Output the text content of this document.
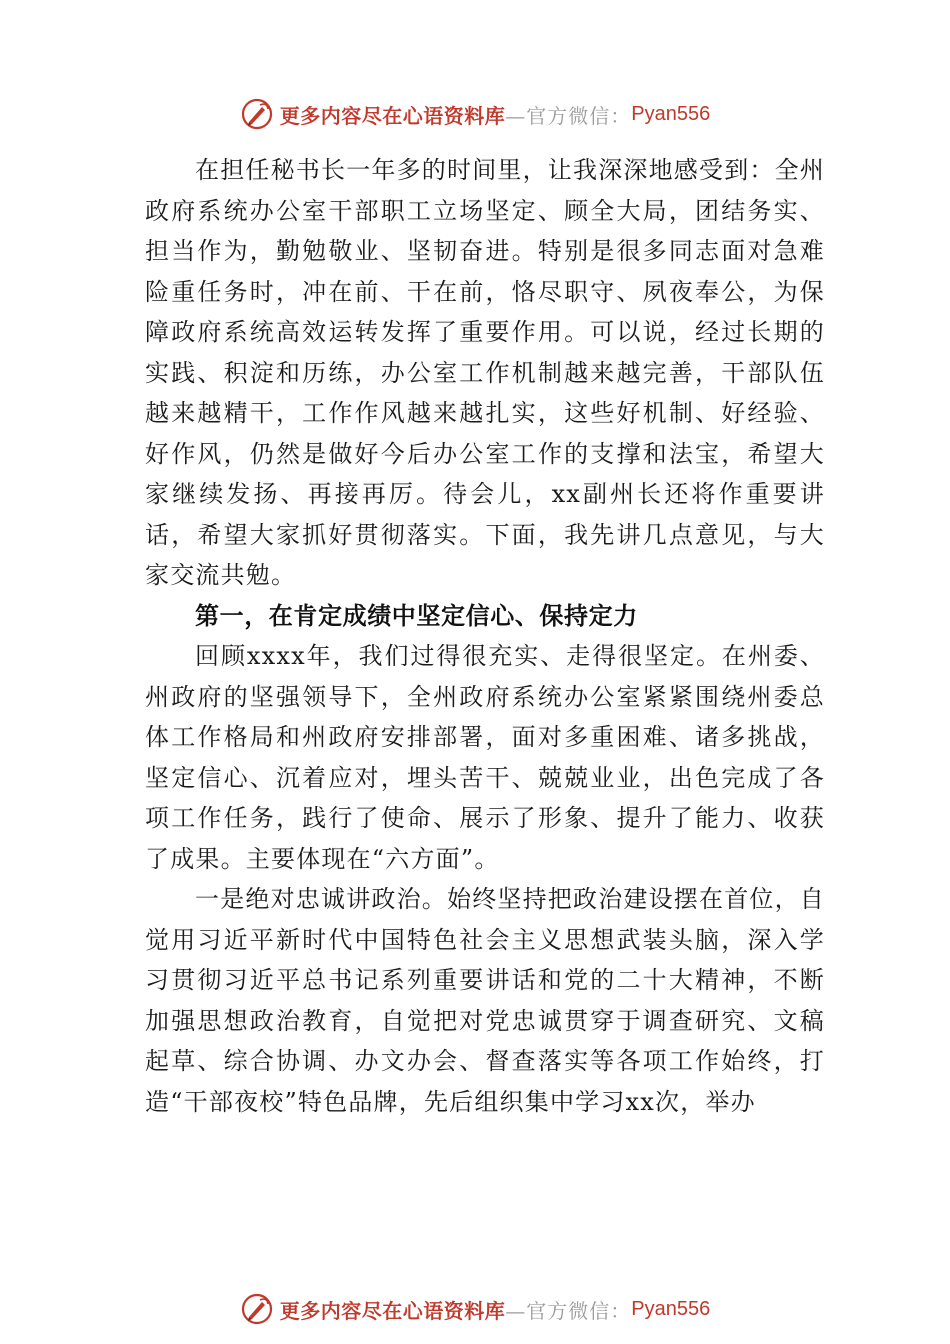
更多内容尽在心语资料库 —官方微信： Pyan556

在担任秘书长一年多的时间里，让我深深地感受到：全州政府系统办公室干部职工立场坚定、顾全大局，团结务实、担当作为，勤勉敬业、坚韧奋进。特别是很多同志面对急难险重任务时，冲在前、干在前，恪尽职守、夙夜奉公，为保障政府系统高效运转发挥了重要作用。可以说，经过长期的实践、积淀和历练，办公室工作机制越来越完善，干部队伍越来越精干，工作作风越来越扎实，这些好机制、好经验、好作风，仍然是做好今后办公室工作的支撑和法宝，希望大家继续发扬、再接再厉。待会儿，xx副州长还将作重要讲话，希望大家抓好贯彻落实。下面，我先讲几点意见，与大家交流共勉。

第一，在肯定成绩中坚定信心、保持定力

回顾xxxx年，我们过得很充实、走得很坚定。在州委、州政府的坚强领导下，全州政府系统办公室紧紧围绕州委总体工作格局和州政府安排部署，面对多重困难、诸多挑战，坚定信心、沉着应对，埋头苦干、兢兢业业，出色完成了各项工作任务，践行了使命、展示了形象、提升了能力、收获了成果。主要体现在“六方面”。

一是绝对忠诚讲政治。始终坚持把政治建设摆在首位，自觉用习近平新时代中国特色社会主义思想武装头脑，深入学习贯彻习近平总书记系列重要讲话和党的二十大精神，不断加强思想政治教育，自觉把对党忠诚贯穿于调查研究、文稿起草、综合协调、办文办会、督查落实等各项工作始终，打造“干部夜校”特色品牌，先后组织集中学习xx次，举办

更多内容尽在心语资料库 —官方微信： Pyan556
